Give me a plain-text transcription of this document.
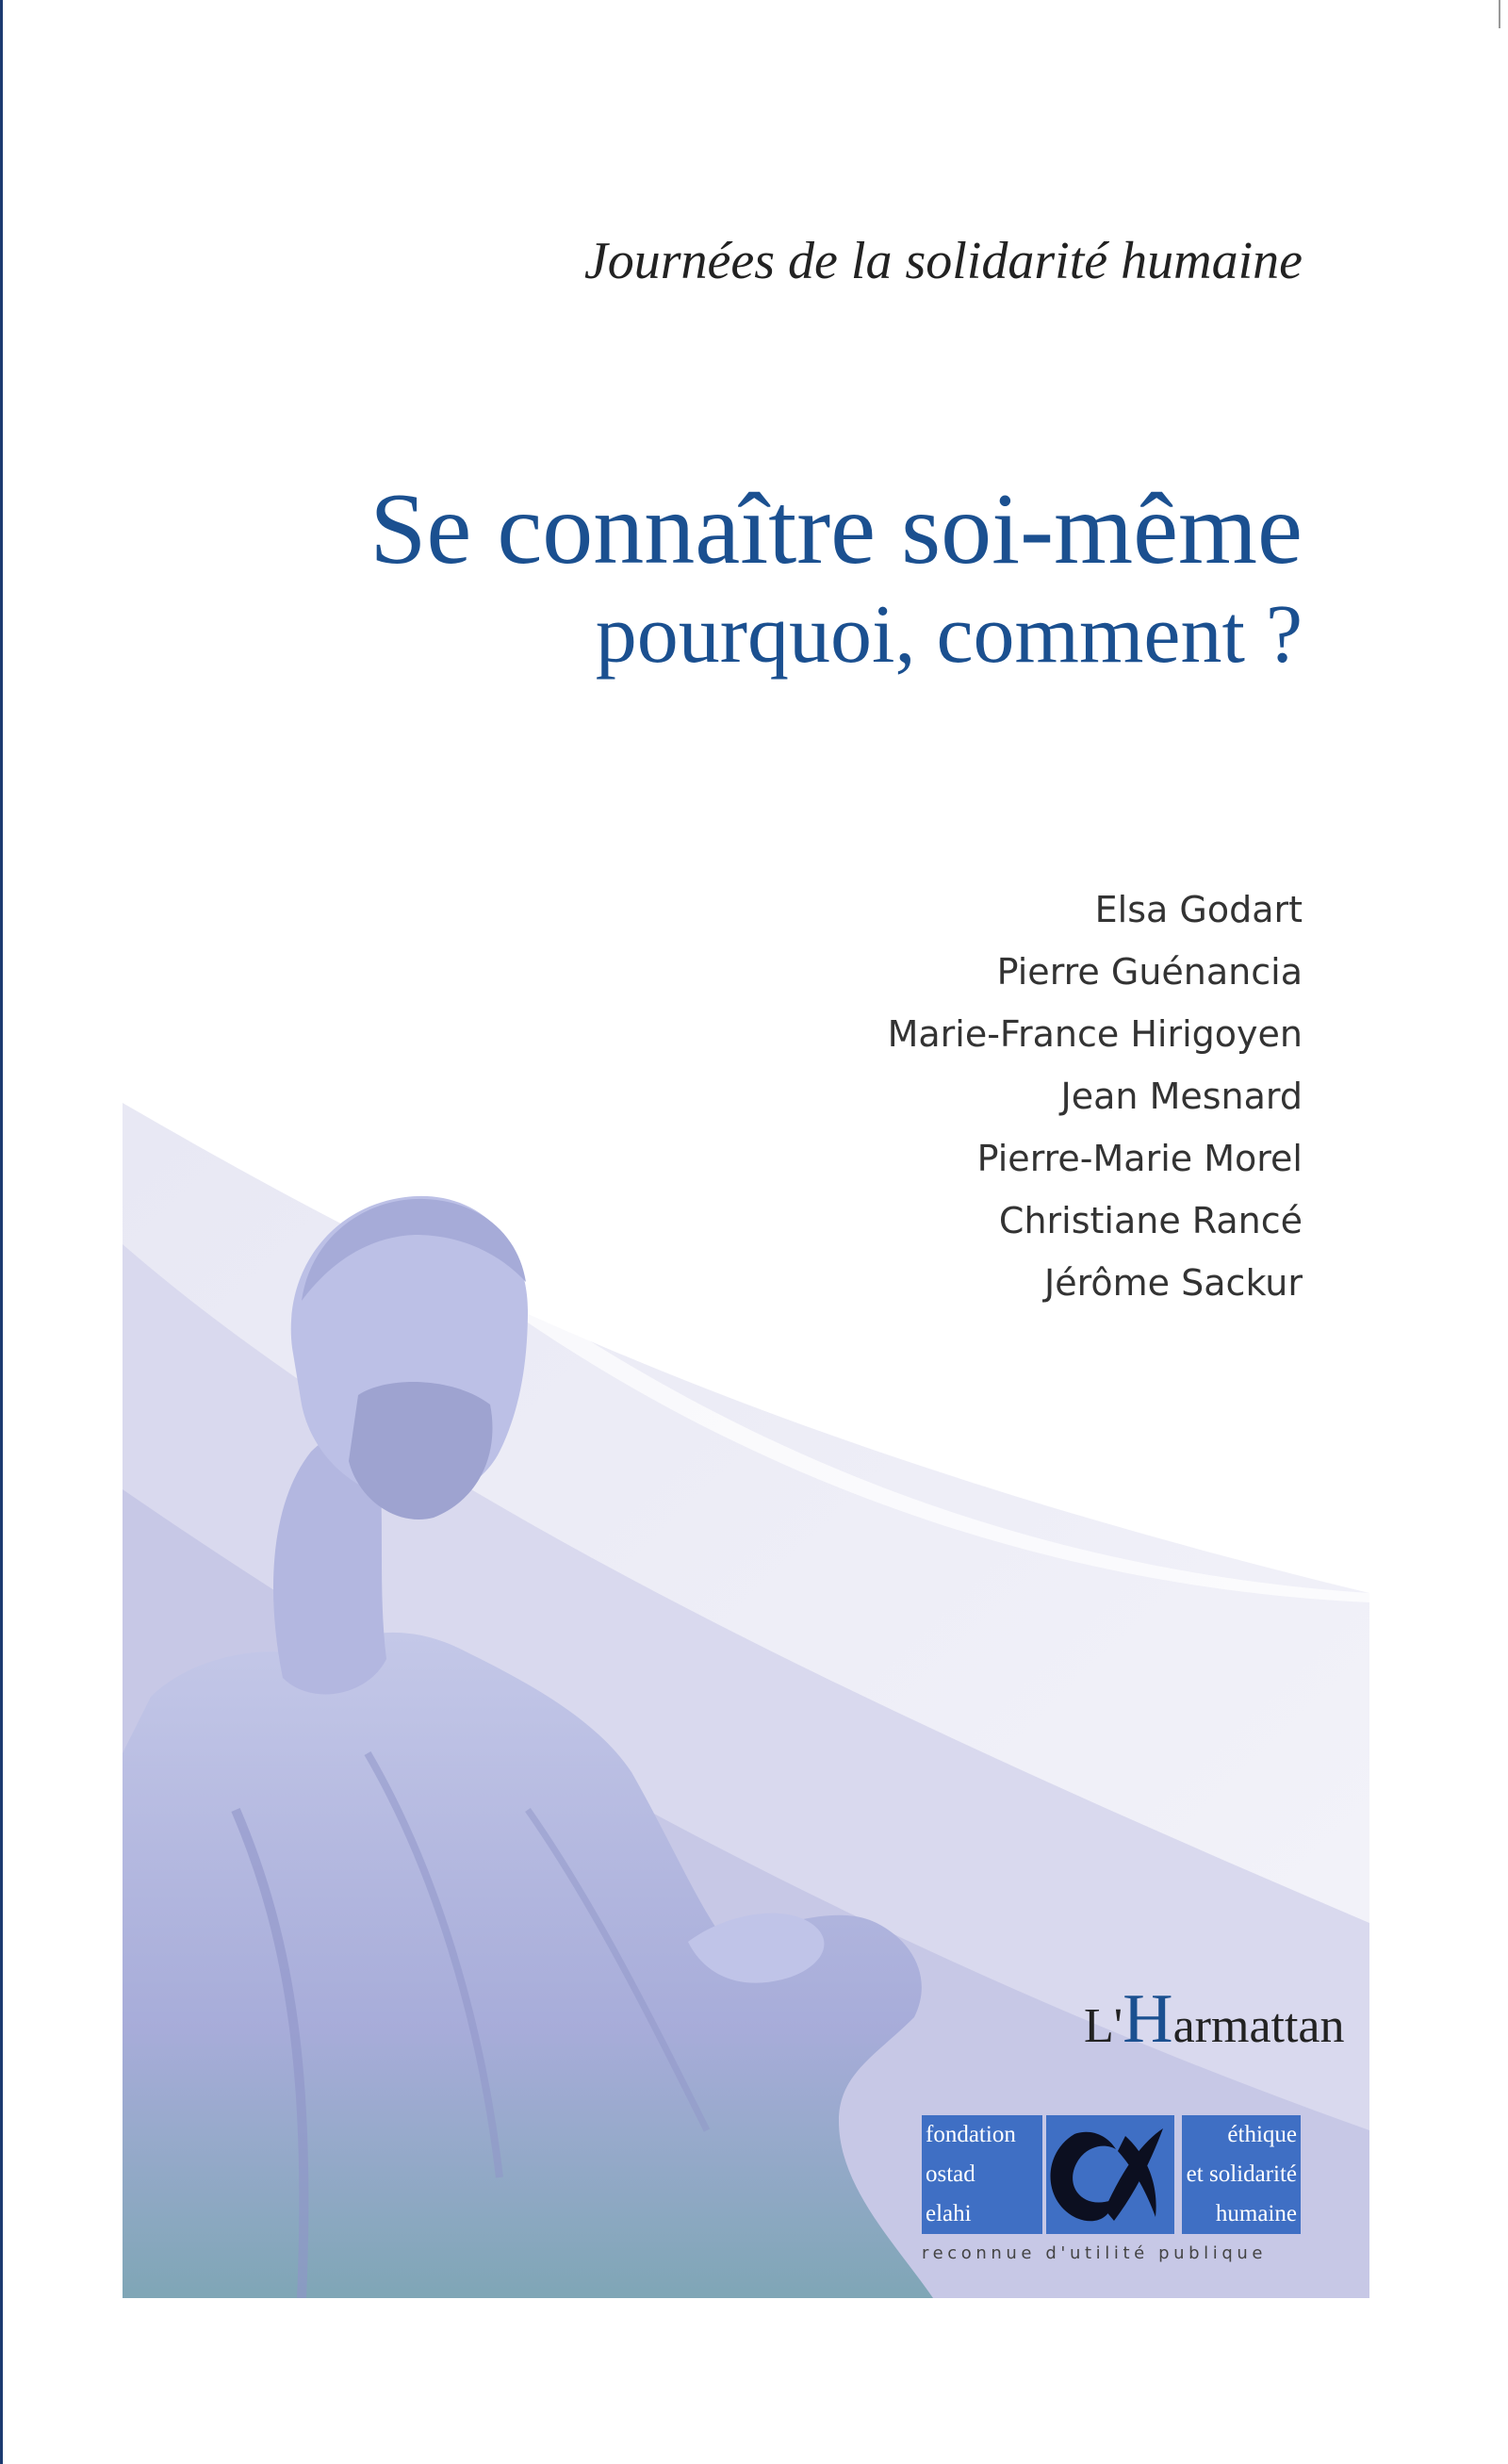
Journées de la solidarité humaine
Se connaître soi-même
pourquoi, comment ?
Elsa Godart
Pierre Guénancia
Marie-France Hirigoyen
Jean Mesnard
Pierre-Marie Morel
Christiane Rancé
Jérôme Sackur
L'Harmattan
fondation
ostad
elahi
éthique
et solidarité
humaine
reconnue d'utilité publique
